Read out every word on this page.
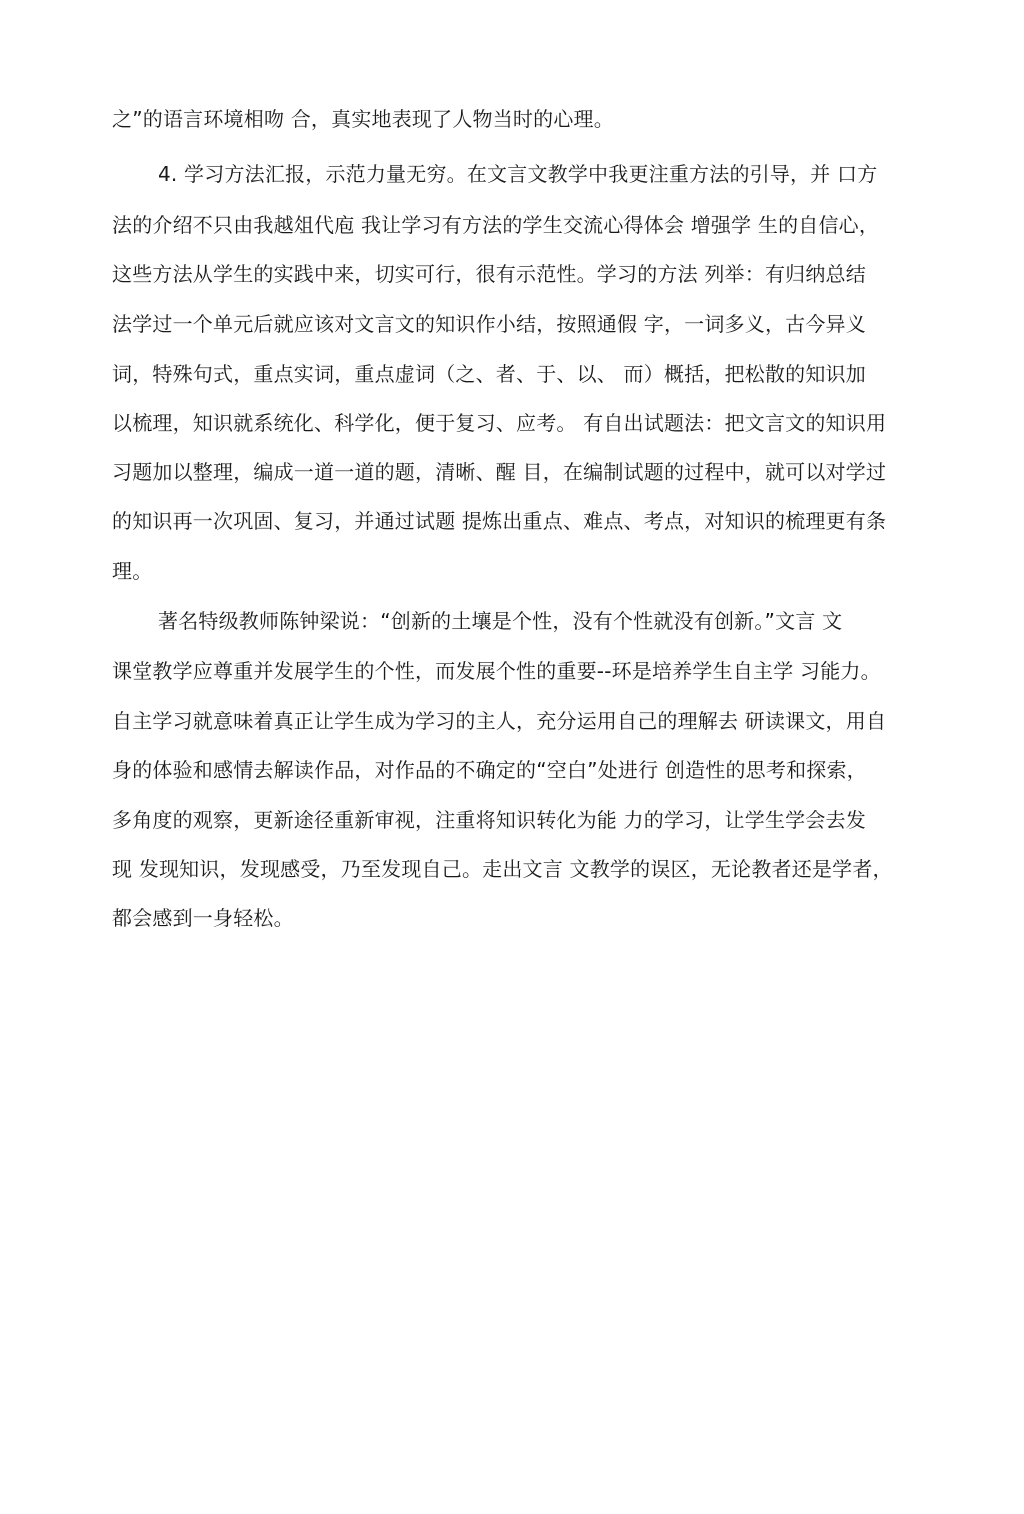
之”的语言环境相吻 合，真实地表现了人物当时的心理。
4. 学习方法汇报，示范力量无穷。在文言文教学中我更注重方法的引导，并 口方
法的介绍不只由我越俎代庖 我让学习有方法的学生交流心得体会 增强学 生的自信心，
这些方法从学生的实践中来，切实可行，很有示范性。学习的方法 列举：有归纳总结
法学过一个单元后就应该对文言文的知识作小结，按照通假 字，一词多义，古今异义
词，特殊句式，重点实词，重点虚词（之、者、于、以、 而）概括，把松散的知识加
以梳理，知识就系统化、科学化，便于复习、应考。 有自出试题法：把文言文的知识用
习题加以整理，编成一道一道的题，清晰、醒 目，在编制试题的过程中，就可以对学过
的知识再一次巩固、复习，并通过试题 提炼出重点、难点、考点，对知识的梳理更有条
理。
著名特级教师陈钟梁说：“创新的土壤是个性，没有个性就没有创新。”文言 文
课堂教学应尊重并发展学生的个性，而发展个性的重要--环是培养学生自主学 习能力。
自主学习就意味着真正让学生成为学习的主人，充分运用自己的理解去 研读课文，用自
身的体验和感情去解读作品，对作品的不确定的“空白”处进行 创造性的思考和探索，
多角度的观察，更新途径重新审视，注重将知识转化为能 力的学习，让学生学会去发
现 发现知识，发现感受，乃至发现自己。走出文言 文教学的误区，无论教者还是学者，
都会感到一身轻松。
